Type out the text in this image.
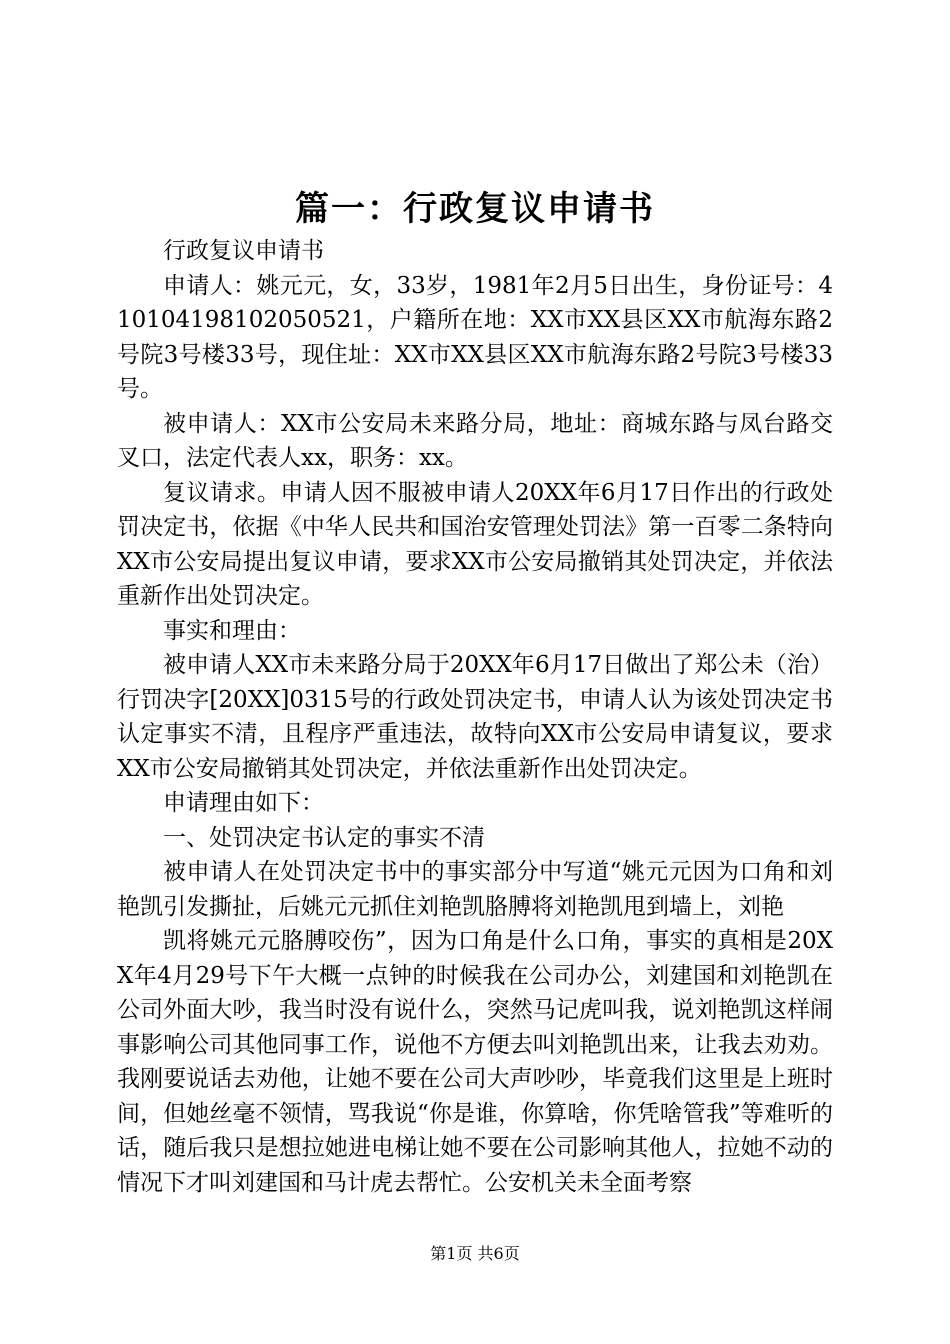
篇一：行政复议申请书

行政复议申请书

申请人：姚元元，女，33岁，1981年2月5日出生，身份证号：410104198102050521，户籍所在地：XX市XX县区XX市航海东路2号院3号楼33号，现住址：XX市XX县区XX市航海东路2号院3号楼33号。

被申请人：XX市公安局未来路分局，地址：商城东路与凤台路交叉口，法定代表人xx，职务：xx。

复议请求。申请人因不服被申请人20XX年6月17日作出的行政处罚决定书，依据《中华人民共和国治安管理处罚法》第一百零二条特向XX市公安局提出复议申请，要求XX市公安局撤销其处罚决定，并依法重新作出处罚决定。

事实和理由：

被申请人XX市未来路分局于20XX年6月17日做出了郑公未（治）行罚决字[20XX]0315号的行政处罚决定书，申请人认为该处罚决定书认定事实不清，且程序严重违法，故特向XX市公安局申请复议，要求XX市公安局撤销其处罚决定，并依法重新作出处罚决定。

申请理由如下：

一、处罚决定书认定的事实不清

被申请人在处罚决定书中的事实部分中写道“姚元元因为口角和刘艳凯引发撕扯，后姚元元抓住刘艳凯胳膊将刘艳凯甩到墙上，刘艳

凯将姚元元胳膊咬伤”，因为口角是什么口角，事实的真相是20XX年4月29号下午大概一点钟的时候我在公司办公，刘建国和刘艳凯在公司外面大吵，我当时没有说什么，突然马记虎叫我，说刘艳凯这样闹事影响公司其他同事工作，说他不方便去叫刘艳凯出来，让我去劝劝。我刚要说话去劝他，让她不要在公司大声吵吵，毕竟我们这里是上班时间，但她丝毫不领情，骂我说“你是谁，你算啥，你凭啥管我”等难听的话，随后我只是想拉她进电梯让她不要在公司影响其他人，拉她不动的情况下才叫刘建国和马计虎去帮忙。公安机关未全面考察

第1页 共6页
